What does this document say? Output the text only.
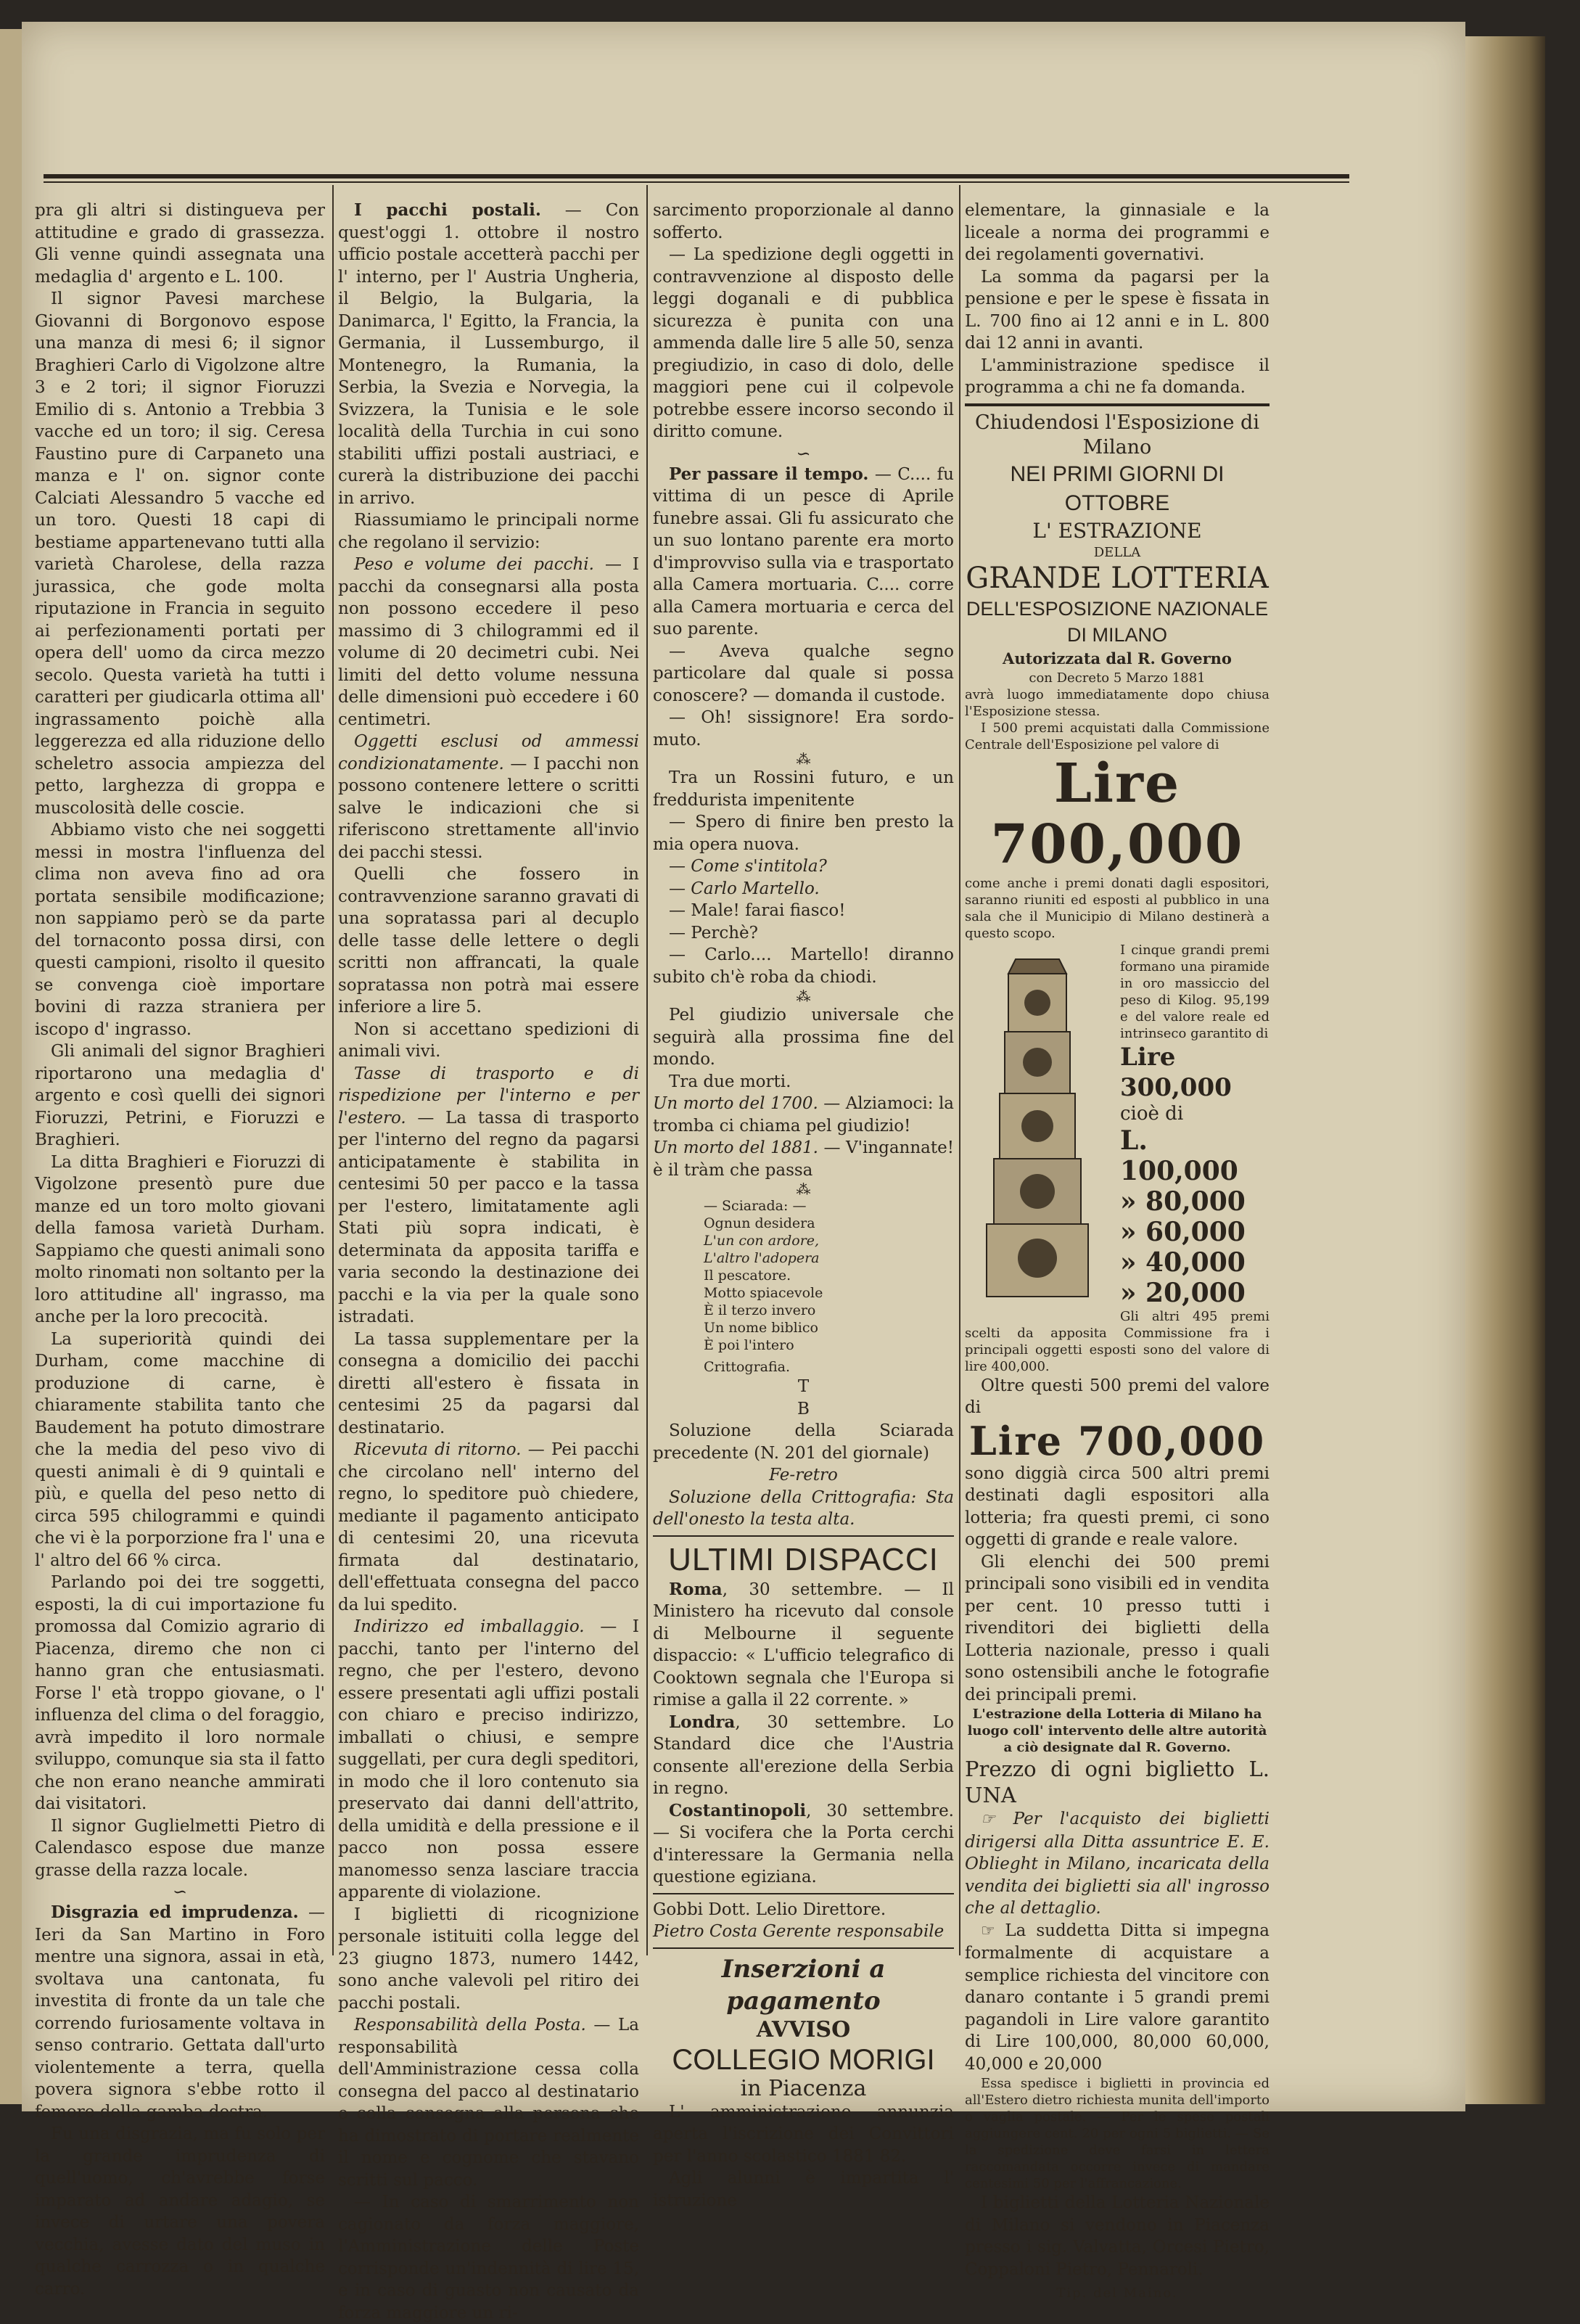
pra gli altri si distingueva per attitudine e grado di grassezza. Gli venne quindi assegnata una medaglia d' argento e L. 100.

Il signor Pavesi marchese Giovanni di Borgonovo espose una manza di mesi 6; il signor Braghieri Carlo di Vigolzone altre 3 e 2 tori; il signor Fioruzzi Emilio di s. Antonio a Trebbia 3 vacche ed un toro; il sig. Ceresa Faustino pure di Carpaneto una manza e l' on. signor conte Calciati Alessandro 5 vacche ed un toro. Questi 18 capi di bestiame appartenevano tutti alla varietà Charolese, della razza jurassica, che gode molta riputazione in Francia in seguito ai perfezionamenti portati per opera dell' uomo da circa mezzo secolo. Questa varietà ha tutti i caratteri per giudicarla ottima all' ingrassamento poichè alla leggerezza ed alla riduzione dello scheletro associa ampiezza del petto, larghezza di groppa e muscolosità delle coscie.

Abbiamo visto che nei soggetti messi in mostra l'influenza del clima non aveva fino ad ora portata sensibile modificazione; non sappiamo però se da parte del tornaconto possa dirsi, con questi campioni, risolto il quesito se convenga cioè importare bovini di razza straniera per iscopo d' ingrasso.

Gli animali del signor Braghieri riportarono una medaglia d' argento e così quelli dei signori Fioruzzi, Petrini, e Fioruzzi e Braghieri.

La ditta Braghieri e Fioruzzi di Vigolzone presentò pure due manze ed un toro molto giovani della famosa varietà Durham. Sappiamo che questi animali sono molto rinomati non soltanto per la loro attitudine all' ingrasso, ma anche per la loro precocità.

La superiorità quindi dei Durham, come macchine di produzione di carne, è chiaramente stabilita tanto che Baudement ha potuto dimostrare che la media del peso vivo di questi animali è di 9 quintali e più, e quella del peso netto di circa 595 chilogrammi e quindi che vi è la porporzione fra l' una e l' altro del 66 % circa.

Parlando poi dei tre soggetti, esposti, la di cui importazione fu promossa dal Comizio agrario di Piacenza, diremo che non ci hanno gran che entusiasmati. Forse l' età troppo giovane, o l' influenza del clima o del foraggio, avrà impedito il loro normale sviluppo, comunque sia sta il fatto che non erano neanche ammirati dai visitatori.

Il signor Guglielmetti Pietro di Calendasco espose due manze grasse della razza locale.

∽

Disgrazia ed imprudenza. — Ieri da San Martino in Foro mentre una signora, assai in età, svoltava una cantonata, fu investita di fronte da un tale che correndo furiosamente voltava in senso contrario. Gettata dall'urto violentemente a terra, quella povera signora s'ebbe rotto il femore della gamba destra.

Fu una disgrazia, ma fu solo per la grande imprudenza di quell'uomo, ch'avrebbe forse imparato ad andare adagio, se invece di urtare una povera vecchia, avesse dato del muso in qualche carrozza o in qualche carro.

I pacchi postali. — Con quest'oggi 1. ottobre il nostro ufficio postale accetterà pacchi per l' interno, per l' Austria Ungheria, il Belgio, la Bulgaria, la Danimarca, l' Egitto, la Francia, la Germania, il Lussemburgo, il Montenegro, la Rumania, la Serbia, la Svezia e Norvegia, la Svizzera, la Tunisia e le sole località della Turchia in cui sono stabiliti uffizi postali austriaci, e curerà la distribuzione dei pacchi in arrivo.

Riassumiamo le principali norme che regolano il servizio:

Peso e volume dei pacchi. — I pacchi da consegnarsi alla posta non possono eccedere il peso massimo di 3 chilogrammi ed il volume di 20 decimetri cubi. Nei limiti del detto volume nessuna delle dimensioni può eccedere i 60 centimetri.

Oggetti esclusi od ammessi condizionatamente. — I pacchi non possono contenere lettere o scritti salve le indicazioni che si riferiscono strettamente all'invio dei pacchi stessi.

Quelli che fossero in contravvenzione saranno gravati di una sopratassa pari al decuplo delle tasse delle lettere o degli scritti non affrancati, la quale sopratassa non potrà mai essere inferiore a lire 5.

Non si accettano spedizioni di animali vivi.

Tasse di trasporto e di rispedizione per l'interno e per l'estero. — La tassa di trasporto per l'interno del regno da pagarsi anticipatamente è stabilita in centesimi 50 per pacco e la tassa per l'estero, limitatamente agli Stati più sopra indicati, è determinata da apposita tariffa e varia secondo la destinazione dei pacchi e la via per la quale sono istradati.

La tassa supplementare per la consegna a domicilio dei pacchi diretti all'estero è fissata in centesimi 25 da pagarsi dal destinatario.

Ricevuta di ritorno. — Pei pacchi che circolano nell' interno del regno, lo speditore può chiedere, mediante il pagamento anticipato di centesimi 20, una ricevuta firmata dal destinatario, dell'effettuata consegna del pacco da lui spedito.

Indirizzo ed imballaggio. — I pacchi, tanto per l'interno del regno, che per l'estero, devono essere presentati agli uffizi postali con chiaro e preciso indirizzo, imballati o chiusi, e sempre suggellati, per cura degli speditori, in modo che il loro contenuto sia preservato dai danni dell'attrito, della umidità e della pressione e il pacco non possa essere manomesso senza lasciare traccia apparente di violazione.

I biglietti di ricognizione personale istituiti colla legge del 23 giugno 1873, numero 1442, sono anche valevoli pel ritiro dei pacchi postali.

Responsabilità della Posta. — La responsabilità dell'Amministrazione cessa colla consegna del pacco al destinatario o colla consegna alla persona che ha dimostrato di portare realmente il nome e cognome che stavano scritti sul pacco.

— In caso di smarrimento non cagionato da forza maggiore, l'Amministrazione delle Poste corrisponde un'indennità di lire 15, e in caso di guasto non causato da forza maggiore un ri-

sarcimento proporzionale al danno sofferto.

— La spedizione degli oggetti in contravvenzione al disposto delle leggi doganali e di pubblica sicurezza è punita con una ammenda dalle lire 5 alle 50, senza pregiudizio, in caso di dolo, delle maggiori pene cui il colpevole potrebbe essere incorso secondo il diritto comune.

∽

Per passare il tempo. — C.... fu vittima di un pesce di Aprile funebre assai. Gli fu assicurato che un suo lontano parente era morto d'improvviso sulla via e trasportato alla Camera mortuaria. C.... corre alla Camera mortuaria e cerca del suo parente.

— Aveva qualche segno particolare dal quale si possa conoscere? — domanda il custode.

— Oh! sissignore! Era sordo-muto.

⁂

Tra un Rossini futuro, e un freddurista impenitente

— Spero di finire ben presto la mia opera nuova.

— Come s'intitola?

— Carlo Martello.

— Male! farai fiasco!

— Perchè?

— Carlo.... Martello! diranno subito ch'è roba da chiodi.

⁂

Pel giudizio universale che seguirà alla prossima fine del mondo.

Tra due morti.

Un morto del 1700. — Alziamoci: la tromba ci chiama pel giudizio!

Un morto del 1881. — V'ingannate! è il tràm che passa

⁂
— Sciarada: —
Ognun desidera
L'un con ardore,
L'altro l'adopera
Il pescatore.
Motto spiacevole
È il terzo invero
Un nome biblico
È poi l'intero
Crittografia.
T
B

Soluzione della Sciarada precedente (N. 201 del giornale)

Fe-retro

Soluzione della Crittografia: Sta dell'onesto la testa alta.

ULTIMI DISPACCI

Roma, 30 settembre. — Il Ministero ha ricevuto dal console di Melbourne il seguente dispaccio: « L'ufficio telegrafico di Cooktown segnala che l'Europa si rimise a galla il 22 corrente. »

Londra, 30 settembre. Lo Standard dice che l'Austria consente all'erezione della Serbia in regno.

Costantinopoli, 30 settembre. — Si vocifera che la Porta cerchi d'interessare la Germania nella questione egiziana.

Gobbi Dott. Lelio Direttore.
Pietro Costa Gerente responsabile
Inserzioni a pagamento
AVVISO
COLLEGIO MORIGI
in Piacenza

L' amministrazione annunzia aperta l'iscrizione dei Convittori per l'anno scolastico 1881 82.

Agli alunni è impartita l' istruzione

elementare, la ginnasiale e la liceale a norma dei programmi e dei regolamenti governativi.

La somma da pagarsi per la pensione e per le spese è fissata in L. 700 fino ai 12 anni e in L. 800 dai 12 anni in avanti.

L'amministrazione spedisce il programma a chi ne fa domanda.

Chiudendosi l'Esposizione di Milano
NEI PRIMI GIORNI DI OTTOBRE
L' ESTRAZIONE
DELLA
GRANDE LOTTERIA
DELL'ESPOSIZIONE NAZIONALE DI MILANO
Autorizzata dal R. Governo
con Decreto 5 Marzo 1881

avrà luogo immediatamente dopo chiusa l'Esposizione stessa.

I 500 premi acquistati dalla Commissione Centrale dell'Esposizione pel valore di

Lire 700,000

come anche i premi donati dagli espositori, saranno riuniti ed esposti al pubblico in una sala che il Municipio di Milano destinerà a questo scopo.

I cinque grandi premi formano una piramide in oro massiccio del peso di Kilog. 95,199 e del valore reale ed intrinseco garantito di
Lire 300,000
cioè di
L. 100,000
» 80,000
» 60,000
» 40,000
» 20,000
Gli altri 495 premi scelti da apposita Commissione fra i principali oggetti esposti sono del valore di lire 400,000.

Oltre questi 500 premi del valore di

Lire 700,000

sono diggià circa 500 altri premi destinati dagli espositori alla lotteria; fra questi premi, ci sono oggetti di grande e reale valore.

Gli elenchi dei 500 premi principali sono visibili ed in vendita per cent. 10 presso tutti i rivenditori dei biglietti della Lotteria nazionale, presso i quali sono ostensibili anche le fotografie dei principali premi.

L'estrazione della Lotteria di Milano ha luogo coll' intervento delle altre autorità a ciò designate dal R. Governo.

Prezzo di ogni biglietto L. UNA

☞ Per l'acquisto dei biglietti dirigersi alla Ditta assuntrice E. E. Oblieght in Milano, incaricata della vendita dei biglietti sia all' ingrosso che al dettaglio.

☞ La suddetta Ditta si impegna formalmente di acquistare a semplice richiesta del vincitore con danaro contante i 5 grandi premi pagandoli in Lire valore garantito di Lire 100,000, 80,000 60,000, 40,000 e 20,000

Essa spedisce i biglietti in provincia ed all'Estero dietro richiesta munita dell'importo o vaglia postale. — Per le spese postali aggiungere cent. 20 per ogni 5 biglietti. — Se la spedizione deve farsi in lettera raccomandata occorre invece di mandare centesimi 50 per l'affrancazione.

I biglietti della Lotteria Nazionale di Milano si vendono in Piacenza presso i sig. Valvatta, Orcesi Pietro, Coppaloni Pietro, Pennaroli.

Tip. del Maino.
